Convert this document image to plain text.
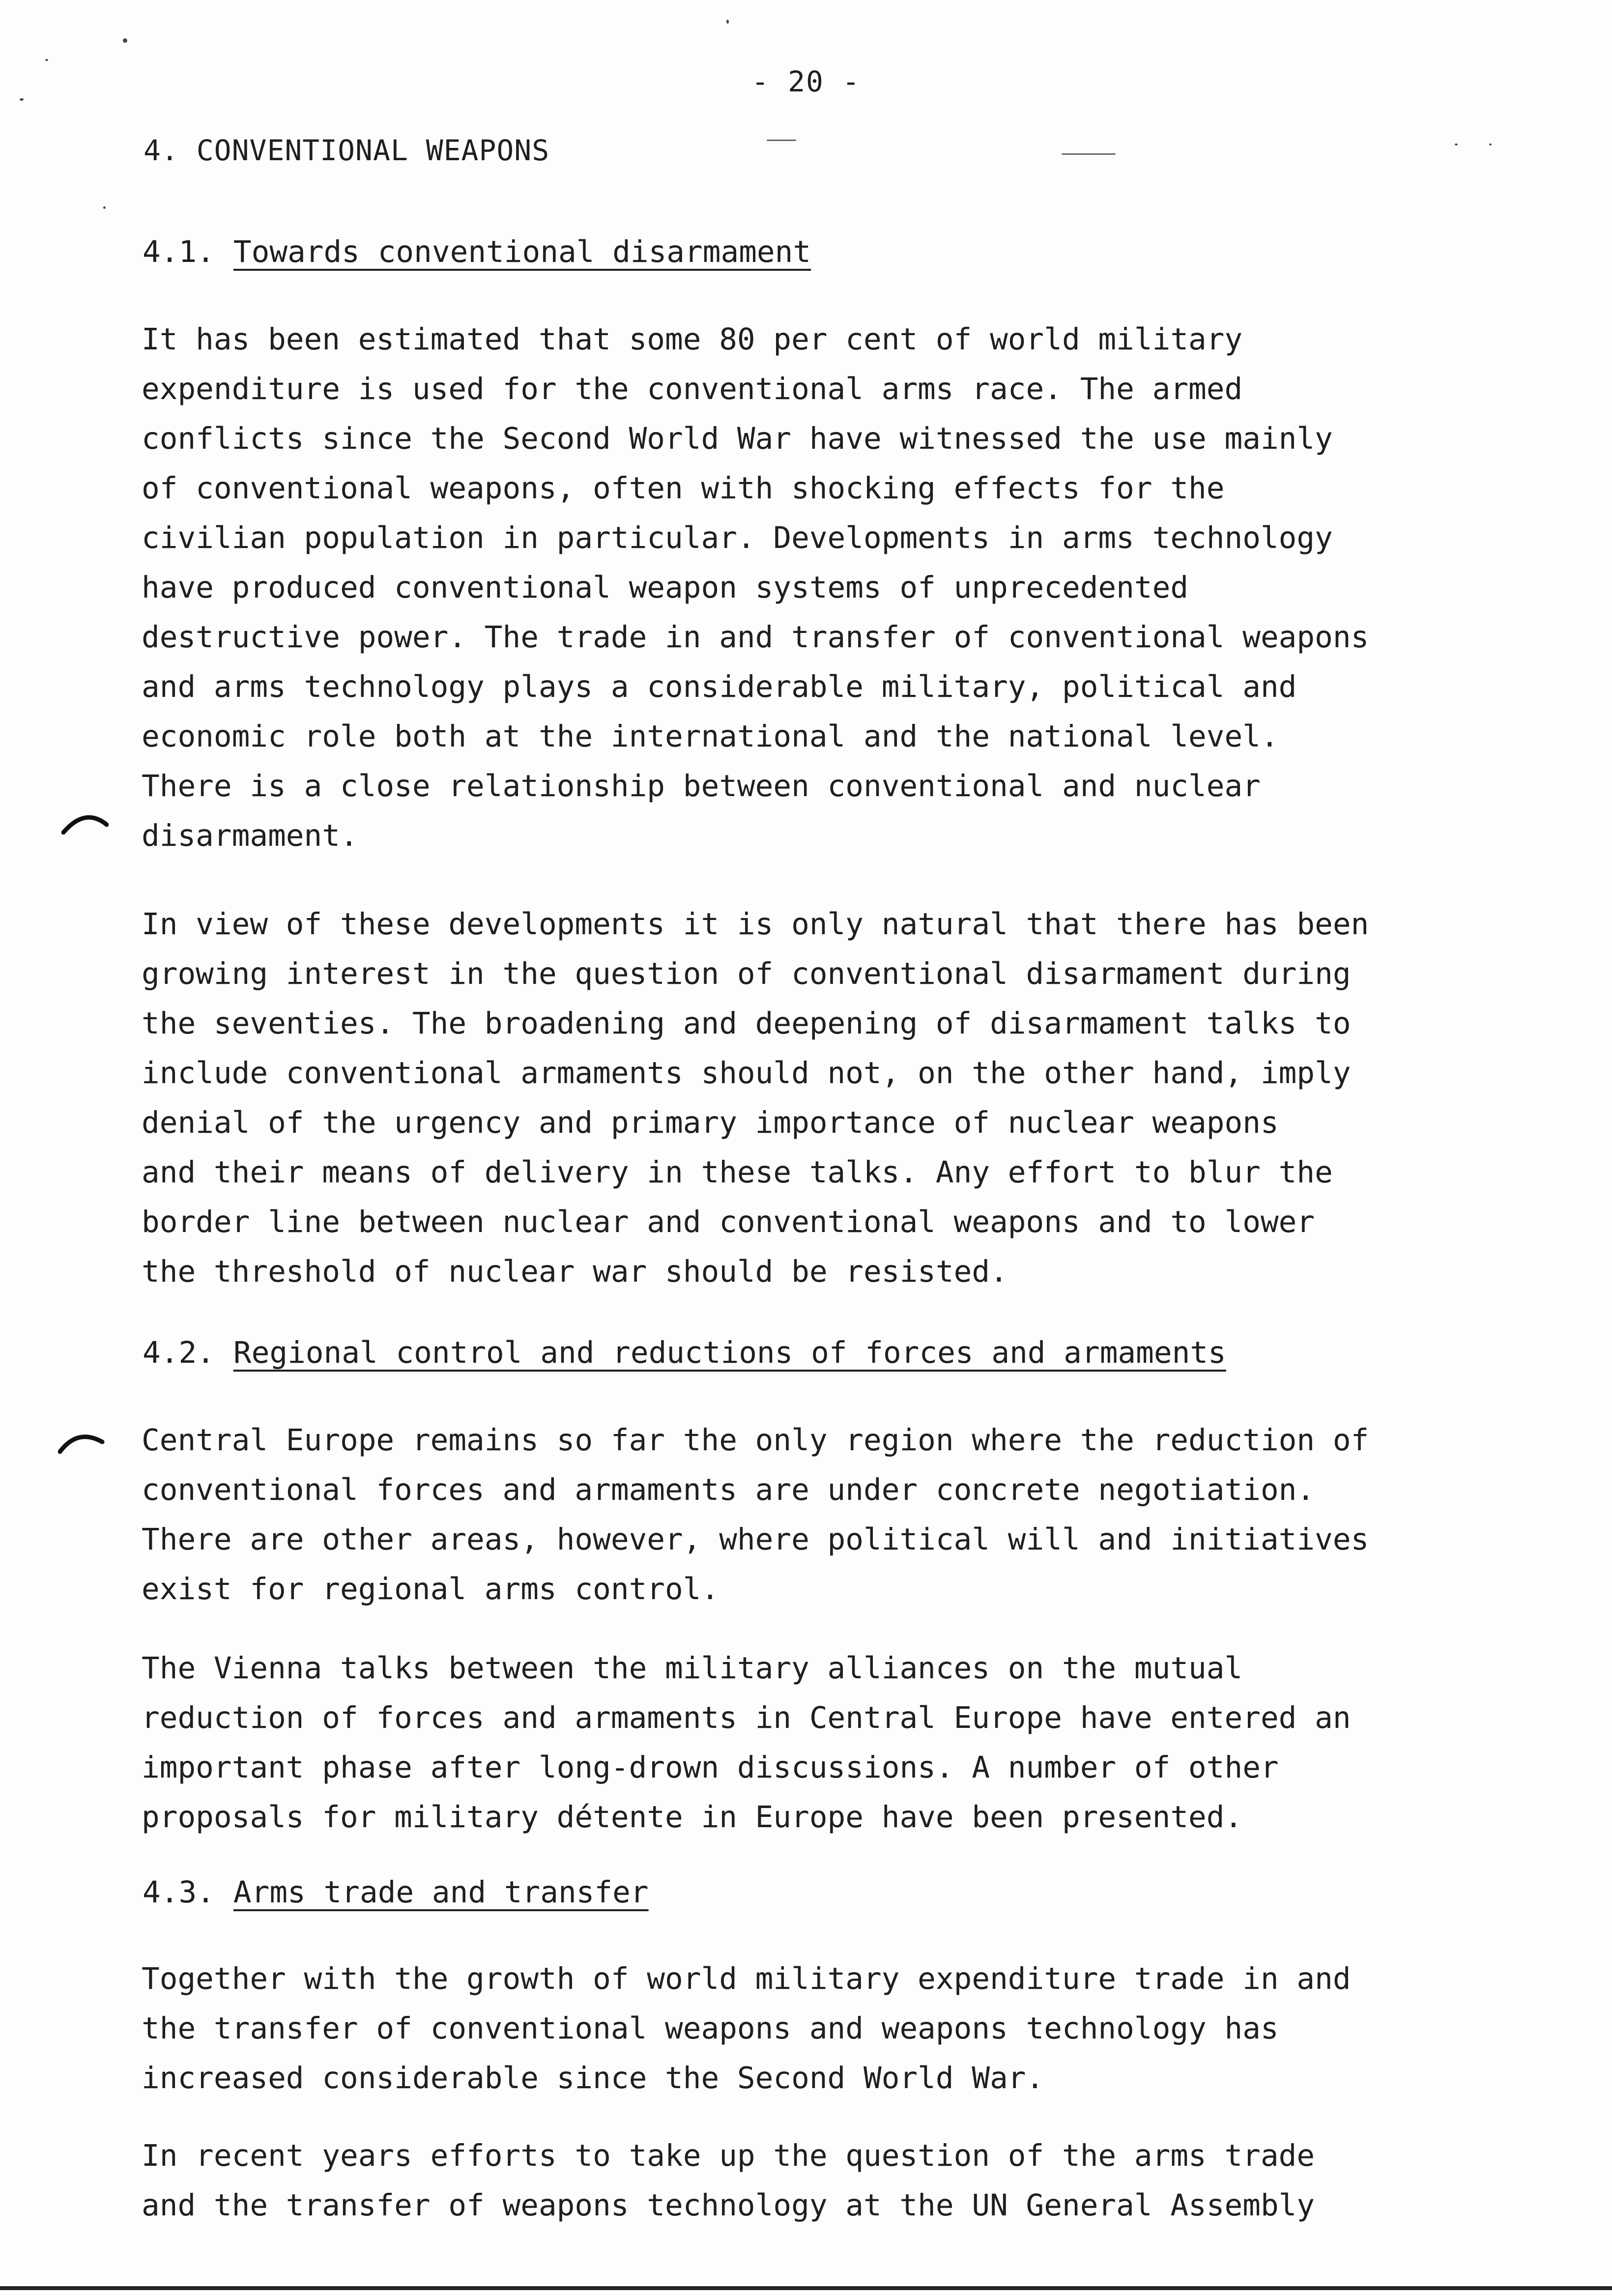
- 20 -
4. CONVENTIONAL WEAPONS
4.1. Towards conventional disarmament
It has been estimated that some 80 per cent of world military
expenditure is used for the conventional arms race. The armed
conflicts since the Second World War have witnessed the use mainly
of conventional weapons, often with shocking effects for the
civilian population in particular. Developments in arms technology
have produced conventional weapon systems of unprecedented
destructive power. The trade in and transfer of conventional weapons
and arms technology plays a considerable military, political and
economic role both at the international and the national level.
There is a close relationship between conventional and nuclear
disarmament.
In view of these developments it is only natural that there has been
growing interest in the question of conventional disarmament during
the seventies. The broadening and deepening of disarmament talks to
include conventional armaments should not, on the other hand, imply
denial of the urgency and primary importance of nuclear weapons
and their means of delivery in these talks. Any effort to blur the
border line between nuclear and conventional weapons and to lower
the threshold of nuclear war should be resisted.
4.2. Regional control and reductions of forces and armaments
Central Europe remains so far the only region where the reduction of
conventional forces and armaments are under concrete negotiation.
There are other areas, however, where political will and initiatives
exist for regional arms control.
The Vienna talks between the military alliances on the mutual
reduction of forces and armaments in Central Europe have entered an
important phase after long-drown discussions. A number of other
proposals for military détente in Europe have been presented.
4.3. Arms trade and transfer
Together with the growth of world military expenditure trade in and
the transfer of conventional weapons and weapons technology has
increased considerable since the Second World War.
In recent years efforts to take up the question of the arms trade
and the transfer of weapons technology at the UN General Assembly
